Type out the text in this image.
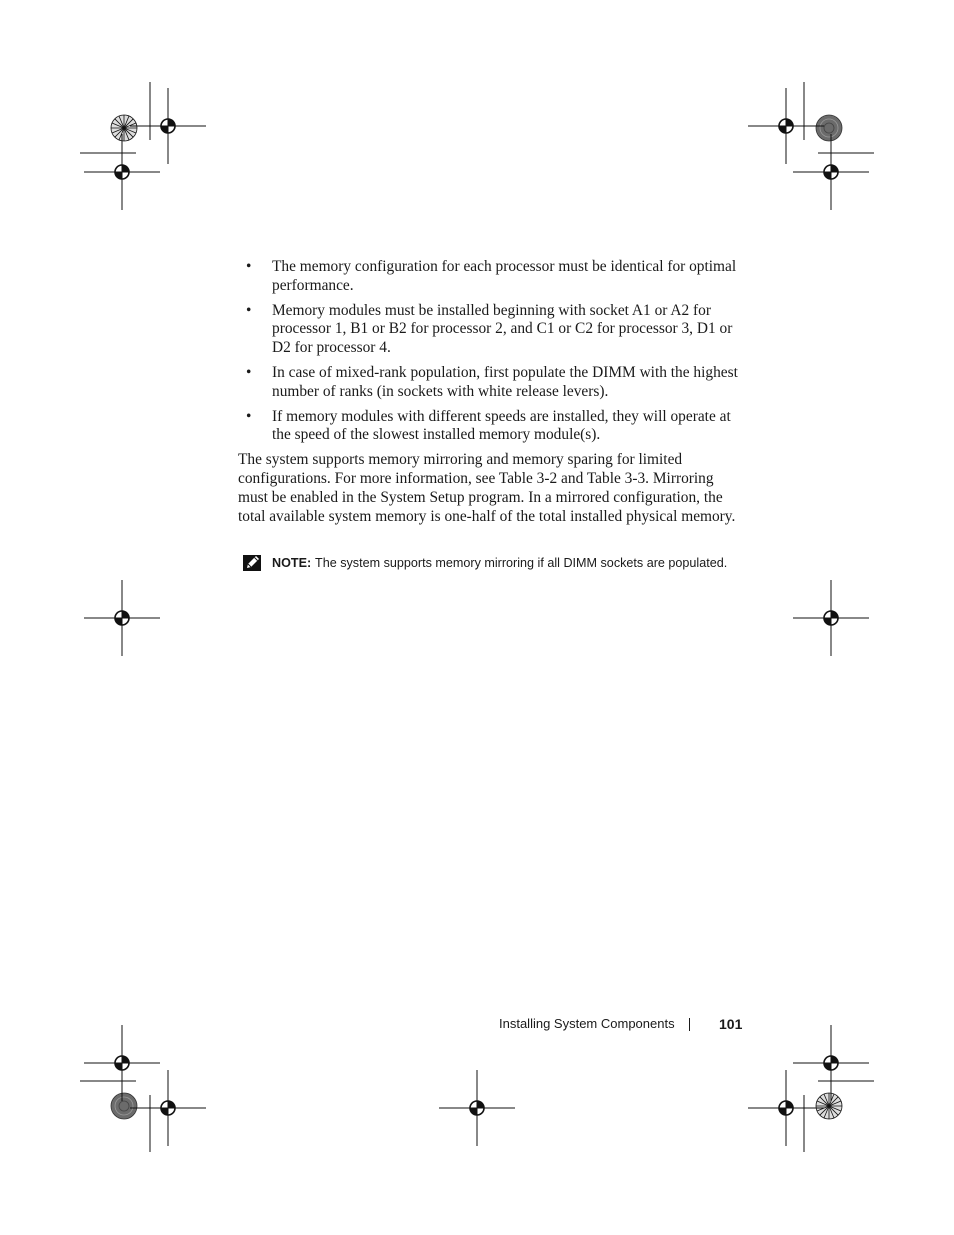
• The memory configuration for each processor must be identical for optimal performance.
• Memory modules must be installed beginning with socket A1 or A2 for processor 1, B1 or B2 for processor 2, and C1 or C2 for processor 3, D1 or D2 for processor 4.
• In case of mixed-rank population, first populate the DIMM with the highest number of ranks (in sockets with white release levers).
• If memory modules with different speeds are installed, they will operate at the speed of the slowest installed memory module(s).

The system supports memory mirroring and memory sparing for limited configurations. For more information, see Table 3-2 and Table 3-3. Mirroring must be enabled in the System Setup program. In a mirrored configuration, the total available system memory is one-half of the total installed physical memory.

NOTE: The system supports memory mirroring if all DIMM sockets are populated.
Installing System Components	101
